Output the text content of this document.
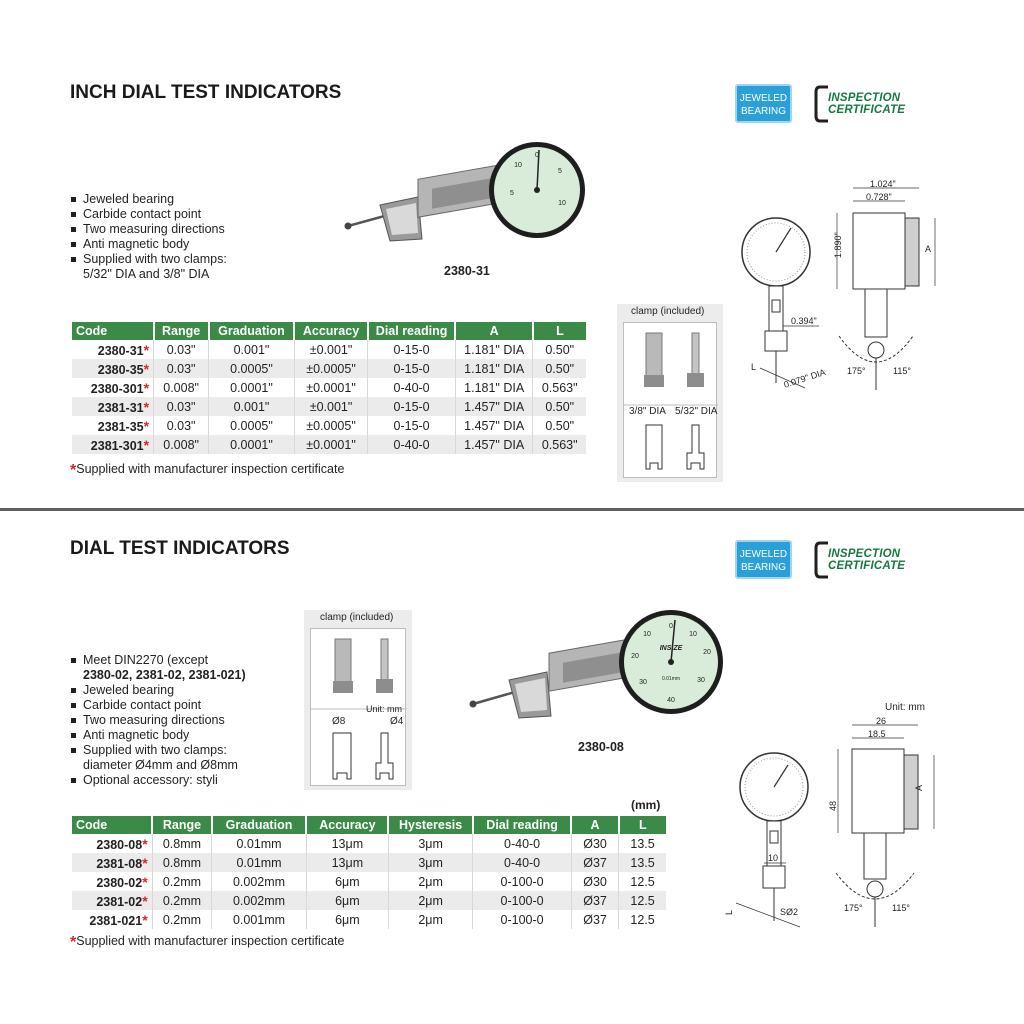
INCH DIAL TEST INDICATORS	JEWELED
BEARING
INSPECTION
CERTIFICATE
Jeweled bearing
Carbide contact point
Two measuring directions
Anti magnetic body
Supplied with two clamps:
5/32" DIA and 3/8" DIA
0
5
10
10
5
2380-31
clamp (included)
3/8" DIA 5/32" DIA
1.024"
0.728"
1.890"	A
0.394"
0.079" DIA
L	175°	115°
Code	Range	Graduation	Accuracy	Dial reading	A	L
2380-31*	0.03"	0.001"	±0.001"	0-15-0	1.181" DIA	0.50"
2380-35*	0.03"	0.0005"	±0.0005"	0-15-0	1.181" DIA	0.50"
2380-301*	0.008"	0.0001"	±0.0001"	0-40-0	1.181" DIA	0.563"
2381-31*	0.03"	0.001"	±0.001"	0-15-0	1.457" DIA	0.50"
2381-35*	0.03"	0.0005"	±0.0005"	0-15-0	1.457" DIA	0.50"
2381-301*	0.008"	0.0001"	±0.0001"	0-40-0	1.457" DIA	0.563"
*Supplied with manufacturer inspection certificate
DIAL TEST INDICATORS	JEWELED
BEARING
INSPECTION
CERTIFICATE
clamp (included)
Unit: mm
Ø8	Ø4
Meet DIN2270 (except
2380-02, 2381-02, 2381-021)
Jeweled bearing
Carbide contact point
Two measuring directions
Anti magnetic body
Supplied with two clamps:
diameter Ø4mm and Ø8mm
Optional accessory: styli
0
10
20
30
40
30
20
10
INSIZE
0.01mm
2380-08
Unit: mm
26
18.5
48
A
10
SØ2
L	175°	115°
(mm)
Code	Range	Graduation	Accuracy	Hysteresis	Dial reading	A	L
2380-08*	0.8mm	0.01mm	13μm	3μm	0-40-0	Ø30	13.5
2381-08*	0.8mm	0.01mm	13μm	3μm	0-40-0	Ø37	13.5
2380-02*	0.2mm	0.002mm	6μm	2μm	0-100-0	Ø30	12.5
2381-02*	0.2mm	0.002mm	6μm	2μm	0-100-0	Ø37	12.5
2381-021*	0.2mm	0.001mm	6μm	2μm	0-100-0	Ø37	12.5
*Supplied with manufacturer inspection certificate
